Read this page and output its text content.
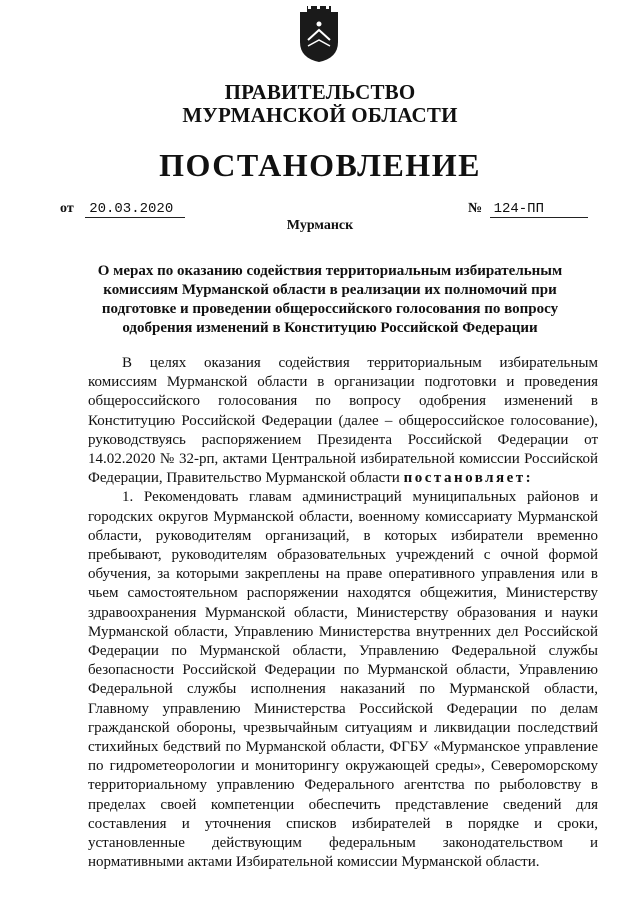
ПРАВИТЕЛЬСТВО
МУРМАНСКОЙ ОБЛАСТИ
ПОСТАНОВЛЕНИЕ
от 20.03.2020	№ 124-ПП
Мурманск
О мерах по оказанию содействия территориальным избирательным комиссиям Мурманской области в реализации их полномочий при подготовке и проведении общероссийского голосования по вопросу одобрения изменений в Конституцию Российской Федерации

В целях оказания содействия территориальным избирательным комиссиям Мурманской области в организации подготовки и проведения общероссийского голосования по вопросу одобрения изменений в Конституцию Российской Федерации (далее – общероссийское голосование), руководствуясь распоряжением Президента Российской Федерации от 14.02.2020 № 32-рп, актами Центральной избирательной комиссии Российской Федерации, Правительство Мурманской области постановляет:

1. Рекомендовать главам администраций муниципальных районов и городских округов Мурманской области, военному комиссариату Мурманской области, руководителям организаций, в которых избиратели временно пребывают, руководителям образовательных учреждений с очной формой обучения, за которыми закреплены на праве оперативного управления или в чьем самостоятельном распоряжении находятся общежития, Министерству здравоохранения Мурманской области, Министерству образования и науки Мурманской области, Управлению Министерства внутренних дел Российской Федерации по Мурманской области, Управлению Федеральной службы безопасности Российской Федерации по Мурманской области, Управлению Федеральной службы исполнения наказаний по Мурманской области, Главному управлению Министерства Российской Федерации по делам гражданской обороны, чрезвычайным ситуациям и ликвидации последствий стихийных бедствий по Мурманской области, ФГБУ «Мурманское управление по гидрометеорологии и мониторингу окружающей среды», Североморскому территориальному управлению Федерального агентства по рыболовству в пределах своей компетенции обеспечить представление сведений для составления и уточнения списков избирателей в порядке и сроки, установленные действующим федеральным законодательством и нормативными актами Избирательной комиссии Мурманской области.
